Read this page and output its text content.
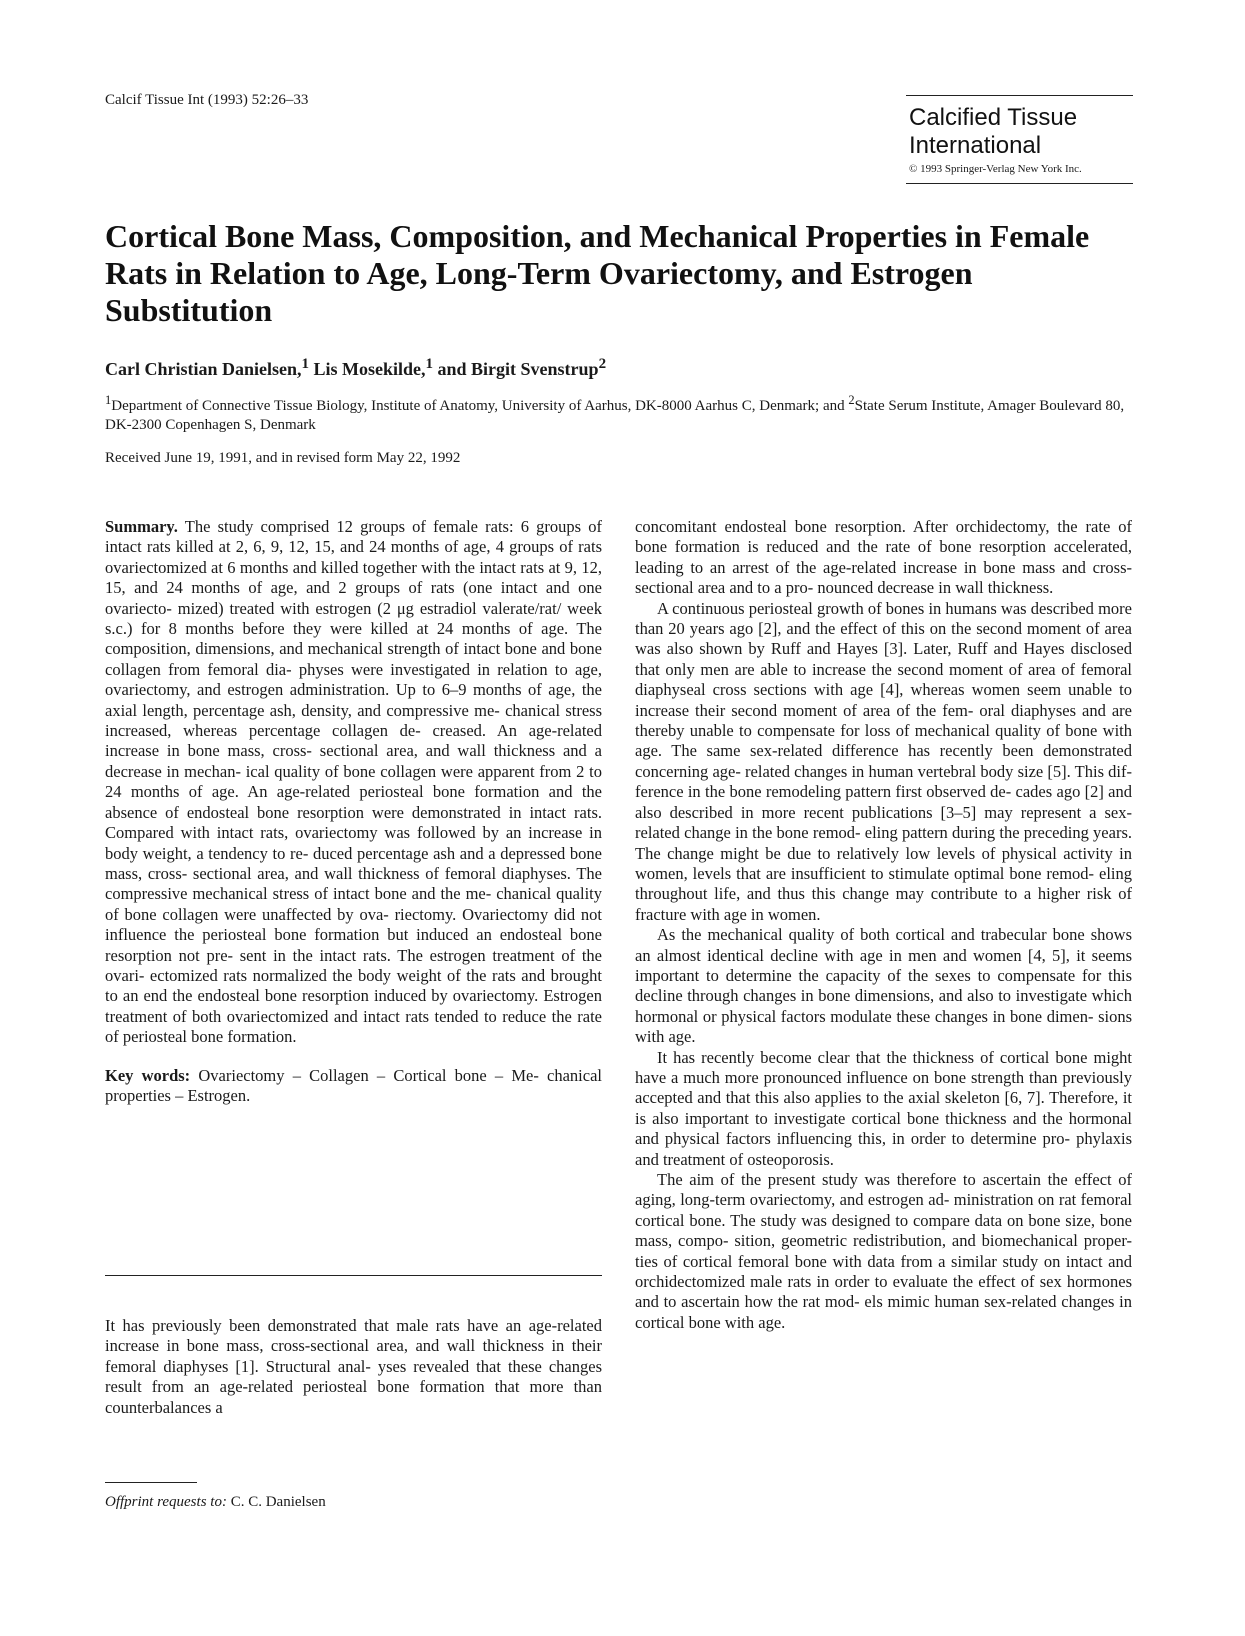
Calcif Tissue Int (1993) 52:26–33
Calcified Tissue
International
© 1993 Springer-Verlag New York Inc.
Cortical Bone Mass, Composition, and Mechanical Properties in Female Rats in Relation to Age, Long-Term Ovariectomy, and Estrogen Substitution
Carl Christian Danielsen,$^1$ Lis Mosekilde,$^1$ and Birgit Svenstrup$^2$
$^1$Department of Connective Tissue Biology, Institute of Anatomy, University of Aarhus, DK-8000 Aarhus C, Denmark; and $^2$State Serum Institute, Amager Boulevard 80, DK-2300 Copenhagen S, Denmark
Received June 19, 1991, and in revised form May 22, 1992

Summary. The study comprised 12 groups of female rats: 6 groups of intact rats killed at 2, 6, 9, 12, 15, and 24 months of age, 4 groups of rats ovariectomized at 6 months and killed together with the intact rats at 9, 12, 15, and 24 months of age, and 2 groups of rats (one intact and one ovariecto- mized) treated with estrogen (2 μg estradiol valerate/rat/ week s.c.) for 8 months before they were killed at 24 months of age. The composition, dimensions, and mechanical strength of intact bone and bone collagen from femoral dia- physes were investigated in relation to age, ovariectomy, and estrogen administration. Up to 6–9 months of age, the axial length, percentage ash, density, and compressive me- chanical stress increased, whereas percentage collagen de- creased. An age-related increase in bone mass, cross- sectional area, and wall thickness and a decrease in mechan- ical quality of bone collagen were apparent from 2 to 24 months of age. An age-related periosteal bone formation and the absence of endosteal bone resorption were demonstrated in intact rats. Compared with intact rats, ovariectomy was followed by an increase in body weight, a tendency to re- duced percentage ash and a depressed bone mass, cross- sectional area, and wall thickness of femoral diaphyses. The compressive mechanical stress of intact bone and the me- chanical quality of bone collagen were unaffected by ova- riectomy. Ovariectomy did not influence the periosteal bone formation but induced an endosteal bone resorption not pre- sent in the intact rats. The estrogen treatment of the ovari- ectomized rats normalized the body weight of the rats and brought to an end the endosteal bone resorption induced by ovariectomy. Estrogen treatment of both ovariectomized and intact rats tended to reduce the rate of periosteal bone formation.

Key words: Ovariectomy – Collagen – Cortical bone – Me- chanical properties – Estrogen.

It has previously been demonstrated that male rats have an age-related increase in bone mass, cross-sectional area, and wall thickness in their femoral diaphyses [1]. Structural anal- yses revealed that these changes result from an age-related periosteal bone formation that more than counterbalances a

concomitant endosteal bone resorption. After orchidectomy, the rate of bone formation is reduced and the rate of bone resorption accelerated, leading to an arrest of the age-related increase in bone mass and cross-sectional area and to a pro- nounced decrease in wall thickness.

A continuous periosteal growth of bones in humans was described more than 20 years ago [2], and the effect of this on the second moment of area was also shown by Ruff and Hayes [3]. Later, Ruff and Hayes disclosed that only men are able to increase the second moment of area of femoral diaphyseal cross sections with age [4], whereas women seem unable to increase their second moment of area of the fem- oral diaphyses and are thereby unable to compensate for loss of mechanical quality of bone with age. The same sex-related difference has recently been demonstrated concerning age- related changes in human vertebral body size [5]. This dif- ference in the bone remodeling pattern first observed de- cades ago [2] and also described in more recent publications [3–5] may represent a sex-related change in the bone remod- eling pattern during the preceding years. The change might be due to relatively low levels of physical activity in women, levels that are insufficient to stimulate optimal bone remod- eling throughout life, and thus this change may contribute to a higher risk of fracture with age in women.

As the mechanical quality of both cortical and trabecular bone shows an almost identical decline with age in men and women [4, 5], it seems important to determine the capacity of the sexes to compensate for this decline through changes in bone dimensions, and also to investigate which hormonal or physical factors modulate these changes in bone dimen- sions with age.

It has recently become clear that the thickness of cortical bone might have a much more pronounced influence on bone strength than previously accepted and that this also applies to the axial skeleton [6, 7]. Therefore, it is also important to investigate cortical bone thickness and the hormonal and physical factors influencing this, in order to determine pro- phylaxis and treatment of osteoporosis.

The aim of the present study was therefore to ascertain the effect of aging, long-term ovariectomy, and estrogen ad- ministration on rat femoral cortical bone. The study was designed to compare data on bone size, bone mass, compo- sition, geometric redistribution, and biomechanical proper- ties of cortical femoral bone with data from a similar study on intact and orchidectomized male rats in order to evaluate the effect of sex hormones and to ascertain how the rat mod- els mimic human sex-related changes in cortical bone with age.

Offprint requests to: C. C. Danielsen
